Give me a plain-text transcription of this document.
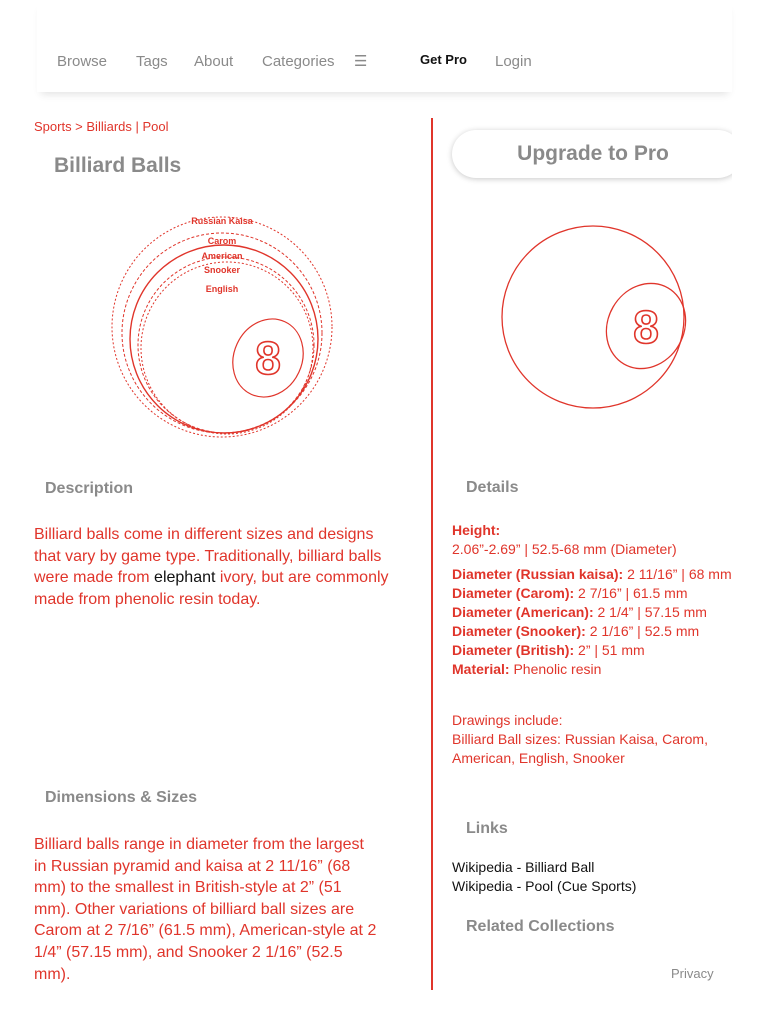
Browse Tags About Categories ☰	Get Pro Login
Sports > Billiards | Pool
Billiard Balls
8
Russian Kaisa
Carom
American
Snooker
English
Description

Billiard balls come in different sizes and designs that vary by game type. Traditionally, billiard balls were made from elephant ivory, but are commonly made from phenolic resin today.

Dimensions & Sizes

Billiard balls range in diameter from the largest in Russian pyramid and kaisa at 2 11/16” (68 mm) to the smallest in British-style at 2” (51 mm). Other variations of billiard ball sizes are Carom at 2 7/16” (61.5 mm), American-style at 2 1/4” (57.15 mm), and Snooker 2 1/16” (52.5 mm).

Upgrade to Pro
8
Details

Height:

2.06”-2.69” | 52.5-68 mm (Diameter)

Diameter (Russian kaisa): 2 11/16” | 68 mm

Diameter (Carom): 2 7/16” | 61.5 mm

Diameter (American): 2 1/4” | 57.15 mm

Diameter (Snooker): 2 1/16” | 52.5 mm

Diameter (British): 2” | 51 mm

Material: Phenolic resin

Drawings include:

Billiard Ball sizes: Russian Kaisa, Carom, American, English, Snooker

Links
Wikipedia - Billiard Ball
Wikipedia - Pool (Cue Sports)
Related Collections
Privacy
